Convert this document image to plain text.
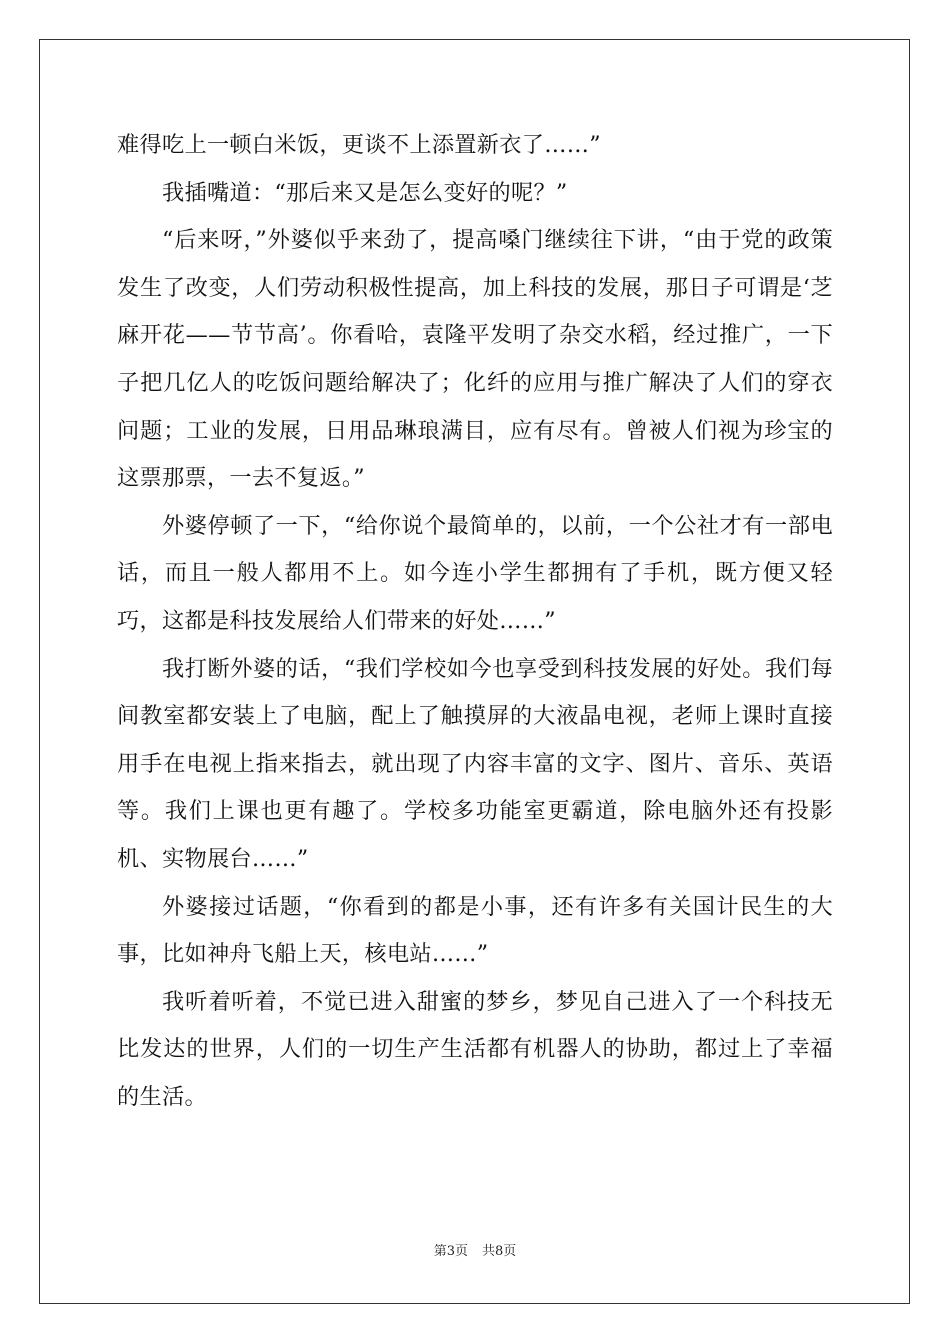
难得吃上一顿白米饭，更谈不上添置新衣了……”

我插嘴道：“那后来又是怎么变好的呢？”

“后来呀，”外婆似乎来劲了，提高嗓门继续往下讲，“由于党的政策发生了改变，人们劳动积极性提高，加上科技的发展，那日子可谓是‘芝麻开花——节节高’。你看哈，袁隆平发明了杂交水稻，经过推广，一下子把几亿人的吃饭问题给解决了；化纤的应用与推广解决了人们的穿衣问题；工业的发展，日用品琳琅满目，应有尽有。曾被人们视为珍宝的这票那票，一去不复返。”

外婆停顿了一下，“给你说个最简单的，以前，一个公社才有一部电话，而且一般人都用不上。如今连小学生都拥有了手机，既方便又轻巧，这都是科技发展给人们带来的好处……”

我打断外婆的话，“我们学校如今也享受到科技发展的好处。我们每间教室都安装上了电脑，配上了触摸屏的大液晶电视，老师上课时直接用手在电视上指来指去，就出现了内容丰富的文字、图片、音乐、英语等。我们上课也更有趣了。学校多功能室更霸道，除电脑外还有投影机、实物展台……”

外婆接过话题，“你看到的都是小事，还有许多有关国计民生的大事，比如神舟飞船上天，核电站……”

我听着听着，不觉已进入甜蜜的梦乡，梦见自己进入了一个科技无比发达的世界，人们的一切生产生活都有机器人的协助，都过上了幸福的生活。

第3页 共8页
